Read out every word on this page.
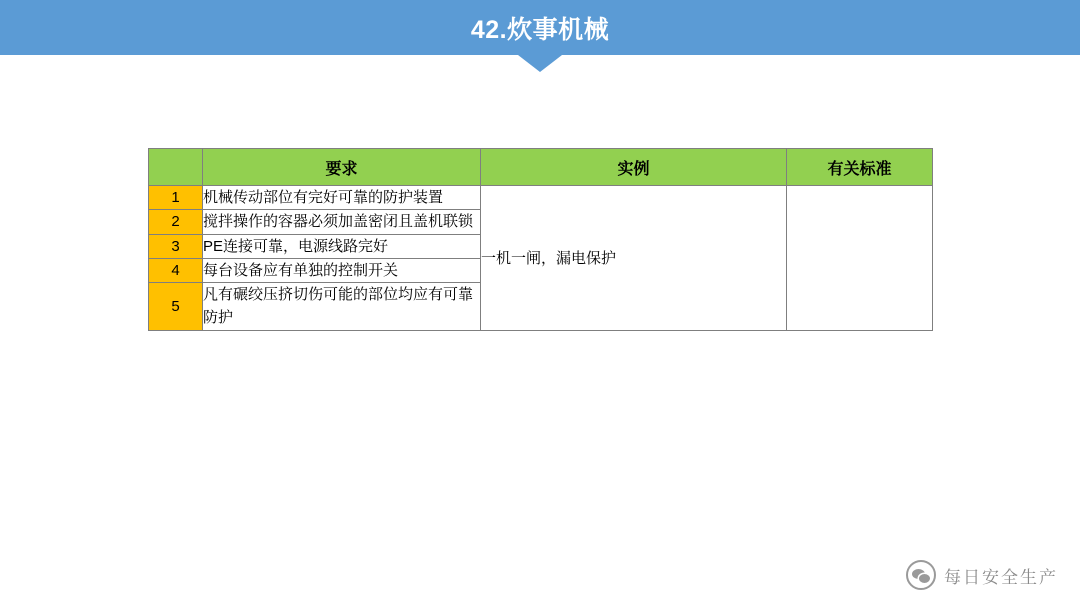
42.炊事机械
	要求	实例	有关标准
1	机械传动部位有完好可靠的防护装置	一机一闸，漏电保护	
2	搅拌操作的容器必须加盖密闭且盖机联锁		
3	PE连接可靠，电源线路完好		
4	每台设备应有单独的控制开关		
5	凡有碾绞压挤切伤可能的部位均应有可靠防护		
每日安全生产
